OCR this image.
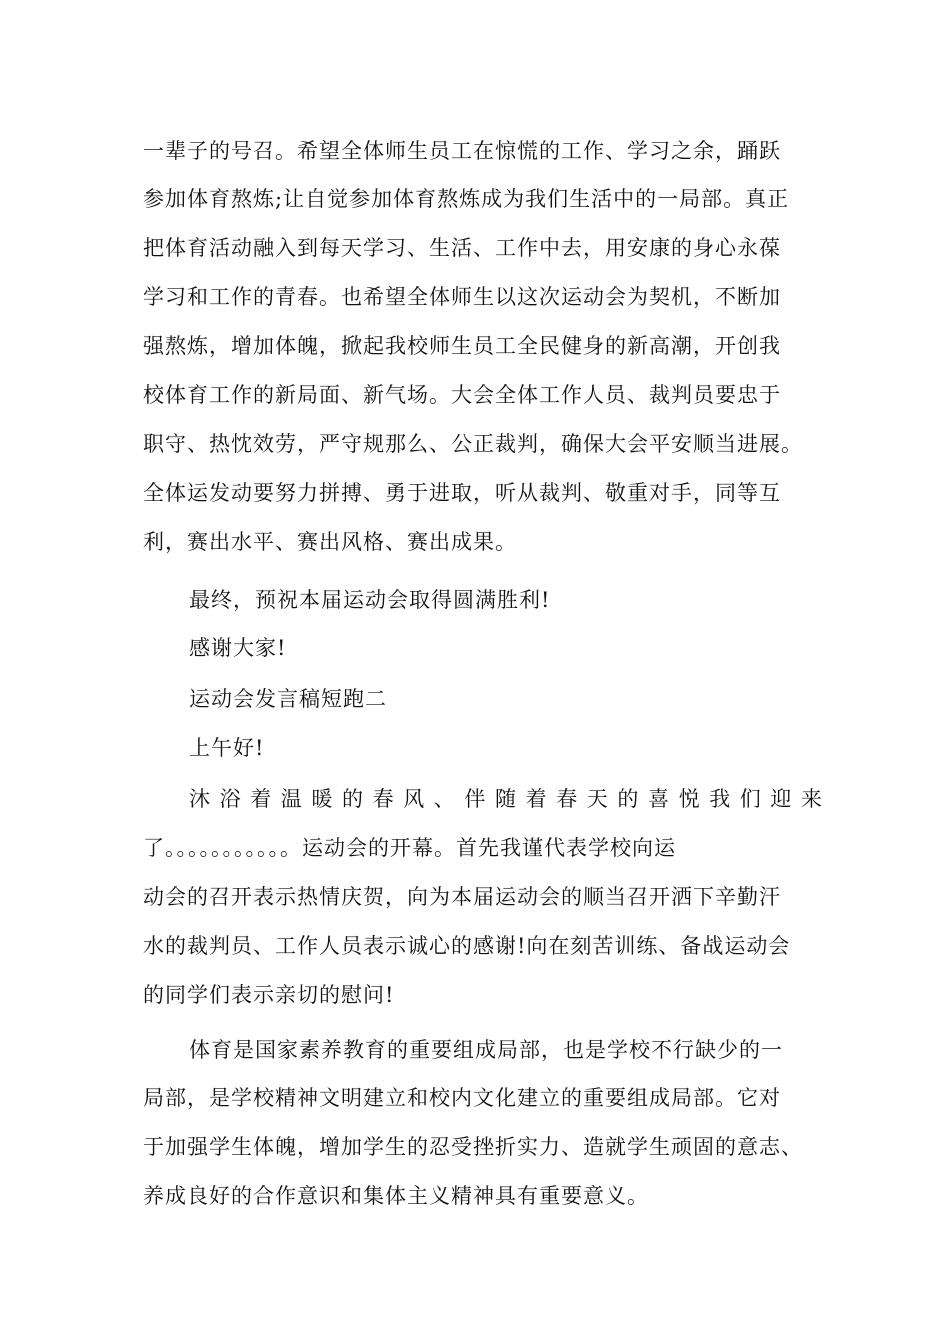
一辈子的号召。希望全体师生员工在惊慌的工作、学习之余，踊跃
参加体育熬炼;让自觉参加体育熬炼成为我们生活中的一局部。真正
把体育活动融入到每天学习、生活、工作中去，用安康的身心永葆
学习和工作的青春。也希望全体师生以这次运动会为契机，不断加
强熬炼，增加体魄，掀起我校师生员工全民健身的新高潮，开创我
校体育工作的新局面、新气场。大会全体工作人员、裁判员要忠于
职守、热忱效劳，严守规那么、公正裁判，确保大会平安顺当进展。
全体运发动要努力拼搏、勇于进取，听从裁判、敬重对手，同等互
利，赛出水平、赛出风格、赛出成果。
最终，预祝本届运动会取得圆满胜利!
感谢大家!
运动会发言稿短跑二
上午好!
沐浴着温暖的春风、伴随着春天的喜悦我们迎来
了。。。。。。。。。。。运动会的开幕。首先我谨代表学校向运
动会的召开表示热情庆贺，向为本届运动会的顺当召开洒下辛勤汗
水的裁判员、工作人员表示诚心的感谢!向在刻苦训练、备战运动会
的同学们表示亲切的慰问!
体育是国家素养教育的重要组成局部，也是学校不行缺少的一
局部，是学校精神文明建立和校内文化建立的重要组成局部。它对
于加强学生体魄，增加学生的忍受挫折实力、造就学生顽固的意志、
养成良好的合作意识和集体主义精神具有重要意义。
